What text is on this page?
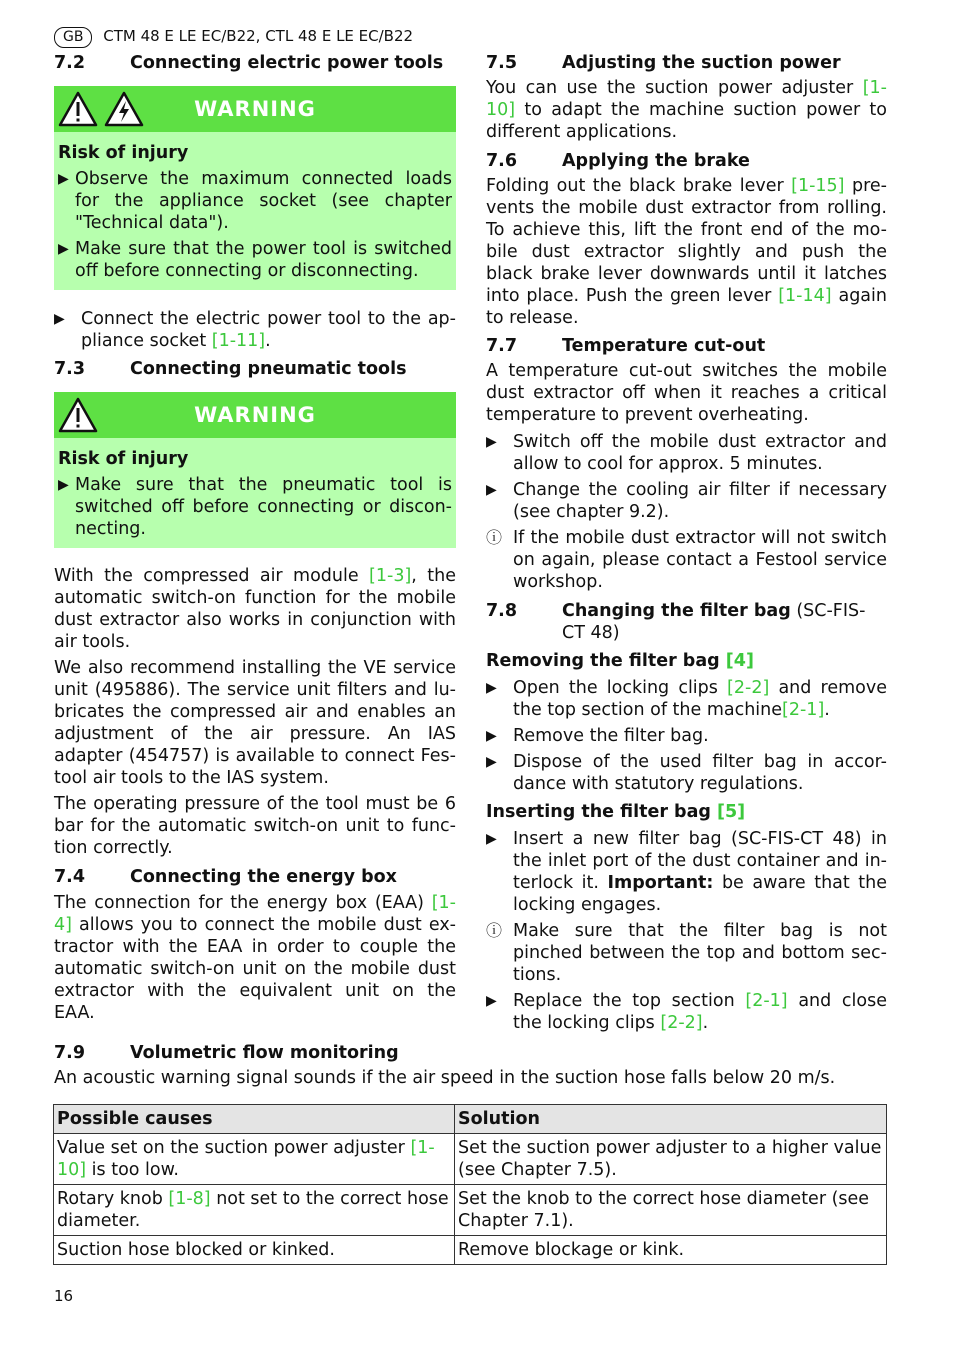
GB CTM 48 E LE EC/B22, CTL 48 E LE EC/B22
7.2	Connecting electric power tools
WARNING
Risk of injury
▶ Observe the maximum connected loads for the appliance socket (see chapter "Technical data").
▶ Make sure that the power tool is switched off before connecting or disconnecting.
▶ Connect the electric power tool to the ap-pliance socket [1-11].
7.3	Connecting pneumatic tools
WARNING
Risk of injury
▶ Make sure that the pneumatic tool is switched off before connecting or discon-necting.

With the compressed air module [1-3], the automatic switch-on function for the mobile dust extractor also works in conjunction with air tools.

We also recommend installing the VE service unit (495886). The service unit filters and lu-bricates the compressed air and enables an adjustment of the air pressure. An IAS adapter (454757) is available to connect Fes-tool air tools to the IAS system.

The operating pressure of the tool must be 6 bar for the automatic switch-on unit to func-tion correctly.

7.4	Connecting the energy box

The connection for the energy box (EAA) [1-4] allows you to connect the mobile dust ex-tractor with the EAA in order to couple the automatic switch-on unit on the mobile dust extractor with the equivalent unit on the EAA.

7.5	Adjusting the suction power

You can use the suction power adjuster [1-10] to adapt the machine suction power to different applications.

7.6	Applying the brake

Folding out the black brake lever [1-15] pre-vents the mobile dust extractor from rolling. To achieve this, lift the front end of the mo-bile dust extractor slightly and push the black brake lever downwards until it latches into place. Push the green lever [1-14] again to release.

7.7	Temperature cut-out

A temperature cut-out switches the mobile dust extractor off when it reaches a critical temperature to prevent overheating.

▶ Switch off the mobile dust extractor and allow to cool for approx. 5 minutes.
▶ Change the cooling air filter if necessary (see chapter 9.2).
ⓘ If the mobile dust extractor will not switch on again, please contact a Festool service workshop.
7.8	Changing the filter bag (SC-FIS-CT 48)
Removing the filter bag [4]
▶ Open the locking clips [2-2] and remove the top section of the machine[2-1].
▶ Remove the filter bag.
▶ Dispose of the used filter bag in accor-dance with statutory regulations.
Inserting the filter bag [5]
▶ Insert a new filter bag (SC-FIS-CT 48) in the inlet port of the dust container and in-terlock it. Important: be aware that the locking engages.
ⓘ Make sure that the filter bag is not pinched between the top and bottom sec-tions.
▶ Replace the top section [2-1] and close the locking clips [2-2].
7.9	Volumetric flow monitoring
An acoustic warning signal sounds if the air speed in the suction hose falls below 20 m/s.
Possible causes	Solution
Value set on the suction power adjuster [1-10] is too low.	Set the suction power adjuster to a higher value (see Chapter 7.5).
Rotary knob [1-8] not set to the correct hose diameter.	Set the knob to the correct hose diameter (see Chapter 7.1).
Suction hose blocked or kinked.	Remove blockage or kink.
16
